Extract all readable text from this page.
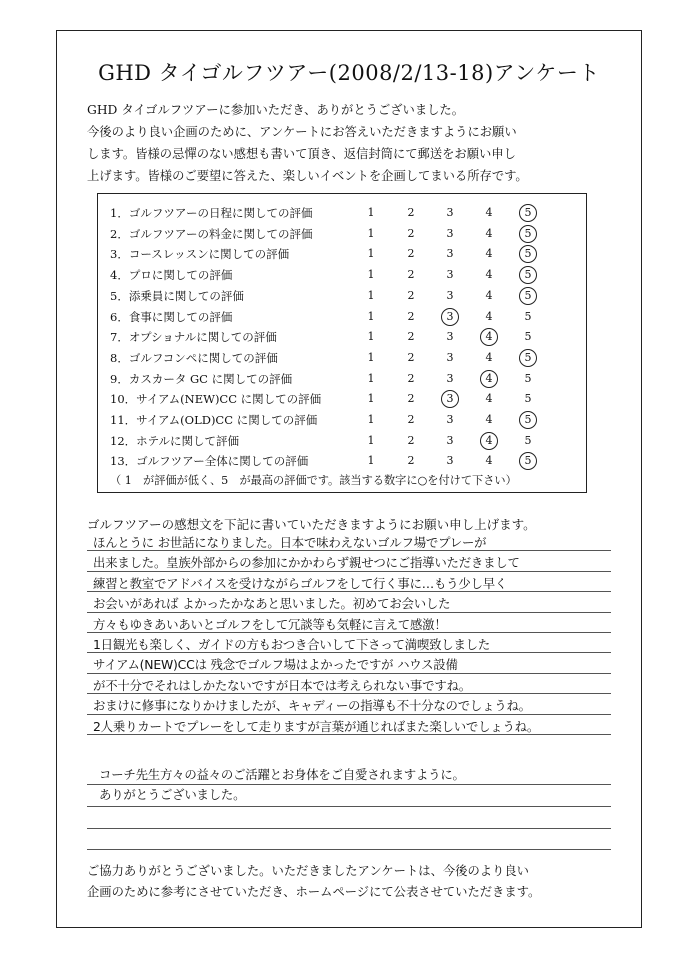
GHD タイゴルフツアー(2008/2/13-18)アンケート

GHD タイゴルフツアーに参加いただき、ありがとうございました。
今後のより良い企画のために、アンケートにお答えいただきますようにお願い
します。皆様の忌憚のない感想も書いて頂き、返信封筒にて郵送をお願い申し
上げます。皆様のご要望に答えた、楽しいイベントを企画してまいる所存です。

（ 1　が評価が低く、5　が最高の評価です。該当する数字に○を付けて下さい）
1．ゴルフツアーの日程に関しての評価	1	2	3	4	5
2．ゴルフツアーの料金に関しての評価	1	2	3	4	5
3．コースレッスンに関しての評価	1	2	3	4	5
4．プロに関しての評価	1	2	3	4	5
5．添乗員に関しての評価	1	2	3	4	5
6．食事に関しての評価	1	2	3	4	5
7．オプショナルに関しての評価	1	2	3	4	5
8．ゴルフコンペに関しての評価	1	2	3	4	5
9．カスカータ GC に関しての評価	1	2	3	4	5
10．サイアム(NEW)CC に関しての評価	1	2	3	4	5
11．サイアム(OLD)CC に関しての評価	1	2	3	4	5
12．ホテルに関して評価	1	2	3	4	5
13．ゴルフツアー全体に関しての評価	1	2	3	4	5
ゴルフツアーの感想文を下記に書いていただきますようにお願い申し上げます。
ほんとうに お世話になりました。日本で味わえないゴルフ場でプレーが
出来ました。皇族外部からの参加にかかわらず親せつにご指導いただきまして
練習と教室でアドバイスを受けながらゴルフをして行く事に…もう少し早く
お会いがあれば よかったかなあと思いました。初めてお会いした
方々もゆきあいあいとゴルフをして冗談等も気軽に言えて感激！
1日観光も楽しく、ガイドの方もおつき合いして下さって満喫致しました
サイアム(NEW)CCは 残念でゴルフ場はよかったですが ハウス設備
が不十分でそれはしかたないですが日本では考えられない事ですね。
おまけに修事になりかけましたが、キャディーの指導も不十分なのでしょうね。
2人乗りカートでプレーをして走りますが言葉が通じればまた楽しいでしょうね。
コーチ先生方々の益々のご活躍とお身体をご自愛されますように。
ありがとうございました。

ご協力ありがとうございました。いただきましたアンケートは、今後のより良い
企画のために参考にさせていただき、ホームページにて公表させていただきます。
